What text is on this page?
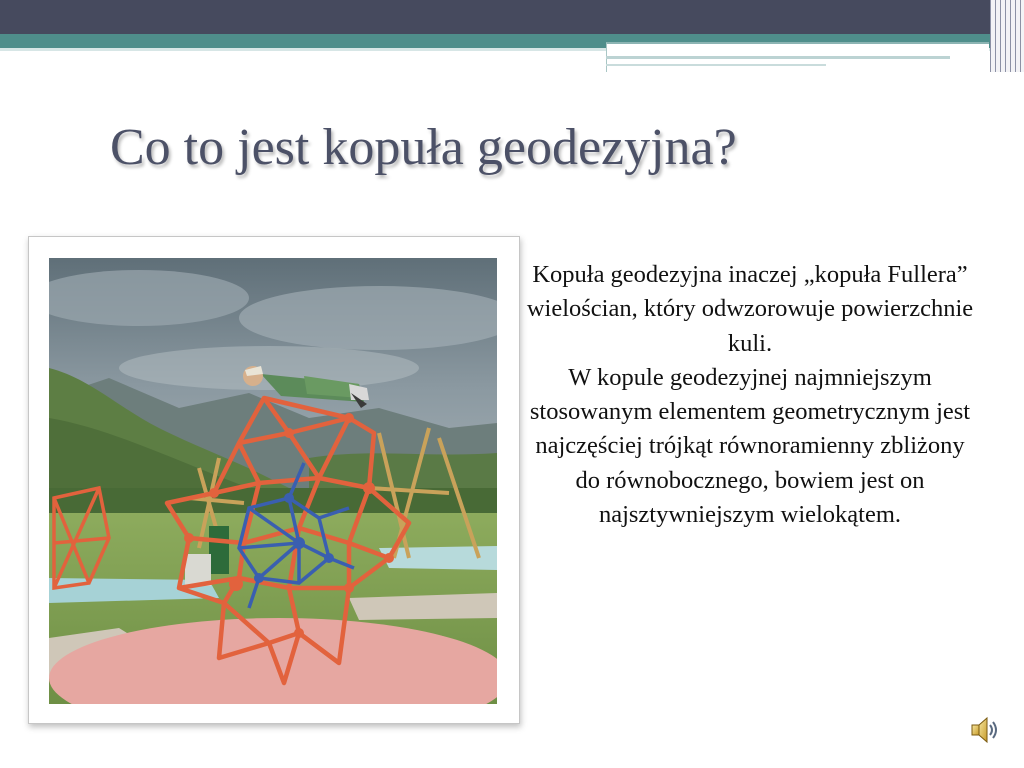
Co to jest kopuła geodezyjna?

Kopuła geodezyjna inaczej „kopuła Fullera” wielościan, który odwzorowuje powierzchnie kuli.

W kopule geodezyjnej najmniejszym stosowanym elementem geometrycznym jest najczęściej trójkąt równoramienny zbliżony do równobocznego, bowiem jest on najsztywniejszym wielokątem.
